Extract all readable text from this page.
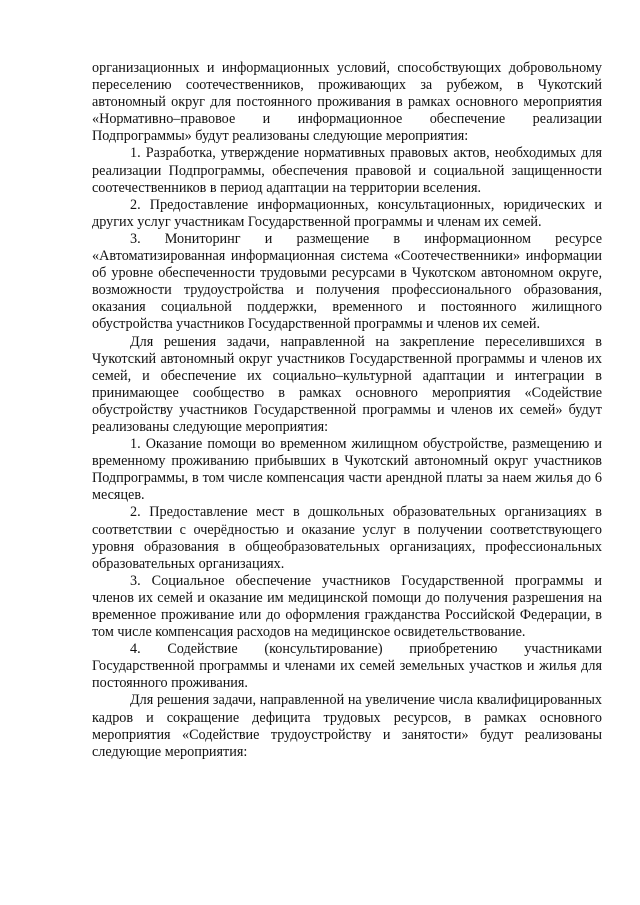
организационных и информационных условий, способствующих добровольному переселению соотечественников, проживающих за рубежом, в Чукотский автономный округ для постоянного проживания в рамках основного мероприятия «Нормативно–правовое и информационное обеспечение реализации Подпрограммы» будут реализованы следующие мероприятия:

1. Разработка, утверждение нормативных правовых актов, необходимых для реализации Подпрограммы, обеспечения правовой и социальной защищенности соотечественников в период адаптации на территории вселения.

2. Предоставление информационных, консультационных, юридических и других услуг участникам Государственной программы и членам их семей.

3. Мониторинг и размещение в информационном ресурсе «Автоматизированная информационная система «Соотечественники» информации об уровне обеспеченности трудовыми ресурсами в Чукотском автономном округе, возможности трудоустройства и получения профессионального образования, оказания социальной поддержки, временного и постоянного жилищного обустройства участников Государственной программы и членов их семей.

Для решения задачи, направленной на закрепление переселившихся в Чукотский автономный округ участников Государственной программы и членов их семей, и обеспечение их социально–культурной адаптации и интеграции в принимающее сообщество в рамках основного мероприятия «Содействие обустройству участников Государственной программы и членов их семей» будут реализованы следующие мероприятия:

1. Оказание помощи во временном жилищном обустройстве, размещению и временному проживанию прибывших в Чукотский автономный округ участников Подпрограммы, в том числе компенсация части арендной платы за наем жилья до 6 месяцев.

2. Предоставление мест в дошкольных образовательных организациях в соответствии с очерёдностью и оказание услуг в получении соответствующего уровня образования в общеобразовательных организациях, профессиональных образовательных организациях.

3. Социальное обеспечение участников Государственной программы и членов их семей и оказание им медицинской помощи до получения разрешения на временное проживание или до оформления гражданства Российской Федерации, в том числе компенсация расходов на медицинское освидетельствование.

4. Содействие (консультирование) приобретению участниками Государственной программы и членами их семей земельных участков и жилья для постоянного проживания.

Для решения задачи, направленной на увеличение числа квалифицированных кадров и сокращение дефицита трудовых ресурсов, в рамках основного мероприятия «Содействие трудоустройству и занятости» будут реализованы следующие мероприятия:
